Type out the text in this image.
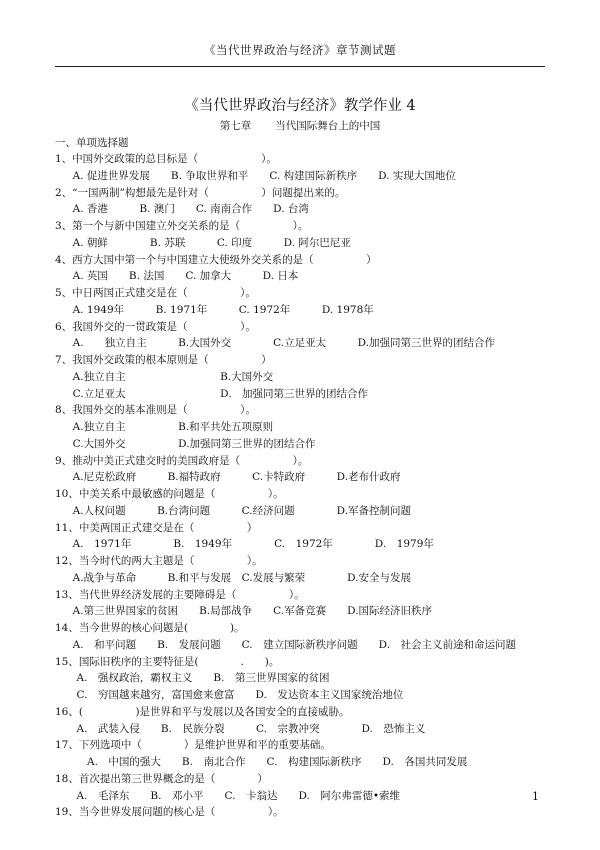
《当代世界政治与经济》章节测试题
《当代世界政治与经济》教学作业 4
第七章 当代国际舞台上的中国
一、单项选择题
1、中国外交政策的总目标是（　　　　　　）。
A. 促进世界发展　　B. 争取世界和平　　C. 构建国际新秩序　　D. 实现大国地位
2、“一国两制”构想最先是针对（　　　　　）问题提出来的。
A. 香港　　　B. 澳门　　C. 南南合作　　D. 台湾
3、第一个与新中国建立外交关系的是（　　　　　）。
A. 朝鲜　　　　B. 苏联　　　C. 印度　　　D. 阿尔巴尼亚
4、西方大国中第一个与中国建立大使级外交关系的是（　　　　　）
A. 英国　　B. 法国　　C. 加拿大　　　D. 日本
5、中日两国正式建交是在（　　　　　）。
A. 1949年　　　B. 1971年　　　C. 1972年　　　D. 1978年
6、我国外交的一贯政策是（　　　　　）。
A.　　独立自主　　　B.大国外交　　　　C.立足亚太　　　D.加强同第三世界的团结合作
7、我国外交政策的根本原则是（　　　　　）
A.独立自主　　　　　　　　　B.大国外交
C.立足亚太　　　　　　　　　D.　加强同第三世界的团结合作
8、我国外交的基本准则是（　　　　　）。
A.独立自主　　　　　B.和平共处五项原则
C.大国外交　　　　　D.加强同第三世界的团结合作
9、推动中美正式建交时的美国政府是（　　　　　）。
A.尼克松政府　　　B.福特政府　　　C.卡特政府　　　D.老布什政府
10、中美关系中最敏感的问题是（　　　　　）。
A.人权问题　　　B.台湾问题　　　C.经济问题　　　　D.军备控制问题
11、中美两国正式建交是在（　　　　　）
A.　1971年　　　　B.　1949年　　　　C.　1972年　　　　D.　1979年
12、当今时代的两大主题是（　　　　　）。
A.战争与革命　　　B.和平与发展　C.发展与繁荣　　　　D.安全与发展
13、当代世界经济发展的主要障碍是（　　　　　）。
A.第三世界国家的贫困　　B.局部战争　　C.军备竞赛　　D.国际经济旧秩序
14、当今世界的核心问题是(　　　　)。
A.　和平问题　　B.　发展问题　　C.　建立国际新秩序问题　　D.　社会主义前途和命运问题
15、国际旧秩序的主要特征是(　　　　.　　)。
　A.　强权政治，霸权主义　　B.　第三世界国家的贫困
　C.　穷国越来越穷，富国愈来愈富　　D.　发达资本主义国家统治地位
16、(　　　　　)是世界和平与发展以及各国安全的直接威胁。
　A.　武装入侵　　B.　民族分裂　　　C.　宗教冲突　　　　D.　恐怖主义
17、下列选项中（　　　　）是维护世界和平的重要基础。
　　A.　中国的强大　　B.　南北合作　　C.　构建国际新秩序　　D.　各国共同发展
18、首次提出第三世界概念的是（　　　　）
　A.　毛泽东　　B.　邓小平　　C.　卡翁达　　D.　阿尔弗雷德•索维
19、当今世界发展问题的核心是（　　　　　）。
1
